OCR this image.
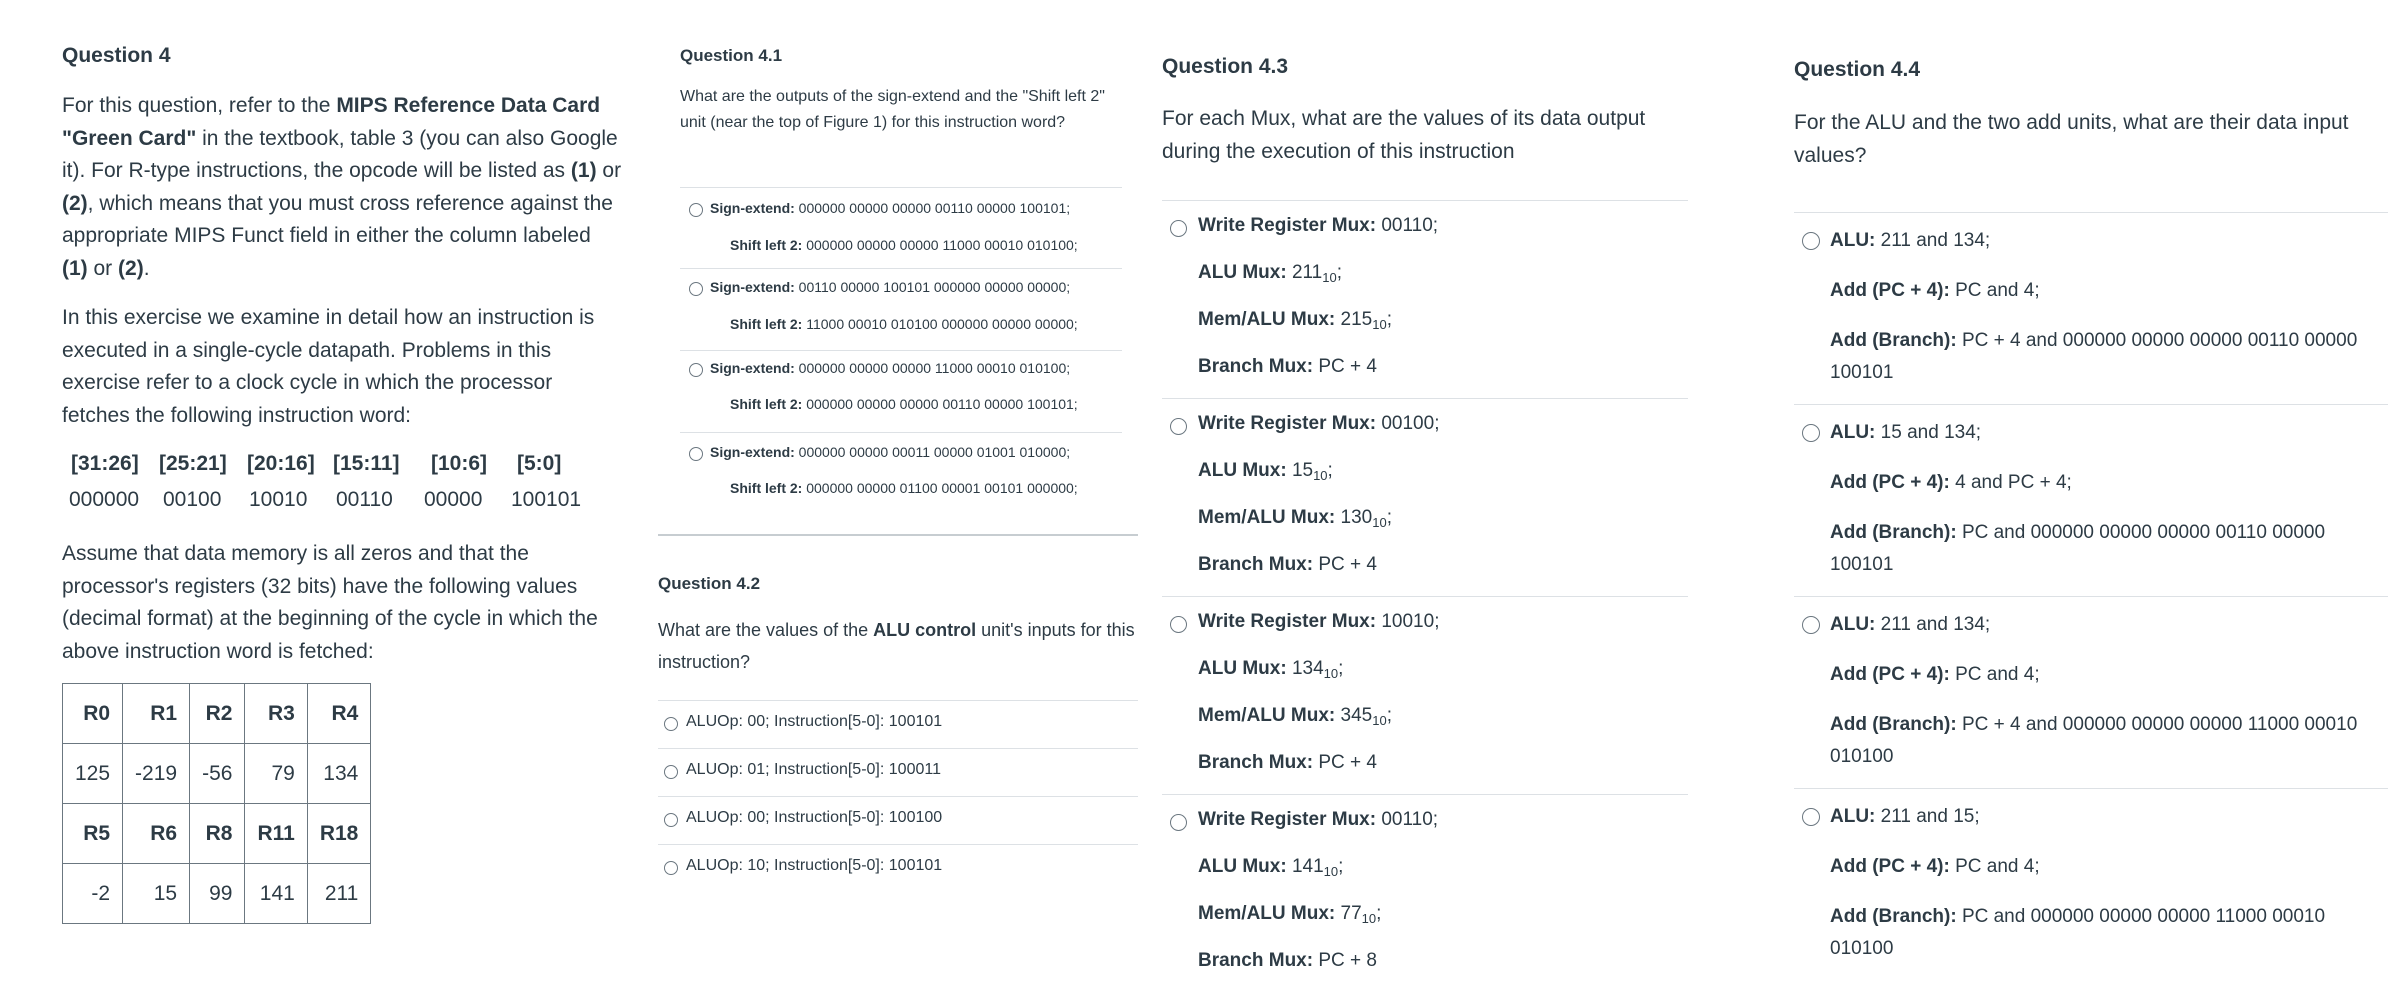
Question 4

For this question, refer to the MIPS Reference Data Card "Green Card" in the textbook, table 3 (you can also Google it). For R-type instructions, the opcode will be listed as (1) or (2), which means that you must cross reference against the appropriate MIPS Funct field in either the column labeled (1) or (2).

In this exercise we examine in detail how an instruction is executed in a single-cycle datapath. Problems in this exercise refer to a clock cycle in which the processor fetches the following instruction word:

[31:26] [25:21] [20:16] [15:11] [10:6] [5:0]
000000 00100 10010 00110 00000 100101

Assume that data memory is all zeros and that the processor's registers (32 bits) have the following values (decimal format) at the beginning of the cycle in which the above instruction word is fetched:

R0	R1	R2	R3	R4
125	-219	-56	79	134
R5	R6	R8	R11	R18
-2	15	99	141	211
Question 4.1

What are the outputs of the sign-extend and the "Shift left 2" unit (near the top of Figure 1) for this instruction word?

Sign-extend: 000000 00000 00000 00110 00000 100101;
Shift left 2: 000000 00000 00000 11000 00010 010100;
Sign-extend: 00110 00000 100101 000000 00000 00000;
Shift left 2: 11000 00010 010100 000000 00000 00000;
Sign-extend: 000000 00000 00000 11000 00010 010100;
Shift left 2: 000000 00000 00000 00110 00000 100101;
Sign-extend: 000000 00000 00011 00000 01001 010000;
Shift left 2: 000000 00000 01100 00001 00101 000000;
Question 4.2

What are the values of the ALU control unit's inputs for this instruction?

ALUOp: 00; Instruction[5-0]: 100101
ALUOp: 01; Instruction[5-0]: 100011
ALUOp: 00; Instruction[5-0]: 100100
ALUOp: 10; Instruction[5-0]: 100101
Question 4.3

For each Mux, what are the values of its data output during the execution of this instruction

Write Register Mux: 00110;
ALU Mux: $211_{10}$;
Mem/ALU Mux: $215_{10}$;
Branch Mux: PC + 4
Write Register Mux: 00100;
ALU Mux: $15_{10}$;
Mem/ALU Mux: $130_{10}$;
Branch Mux: PC + 4
Write Register Mux: 10010;
ALU Mux: $134_{10}$;
Mem/ALU Mux: $345_{10}$;
Branch Mux: PC + 4
Write Register Mux: 00110;
ALU Mux: $141_{10}$;
Mem/ALU Mux: $77_{10}$;
Branch Mux: PC + 8
Question 4.4

For the ALU and the two add units, what are their data input values?

ALU: 211 and 134;
Add (PC + 4): PC and 4;
Add (Branch): PC + 4 and 000000 00000 00000 00110 00000 100101
ALU: 15 and 134;
Add (PC + 4): 4 and PC + 4;
Add (Branch): PC and 000000 00000 00000 00110 00000 100101
ALU: 211 and 134;
Add (PC + 4): PC and 4;
Add (Branch): PC + 4 and 000000 00000 00000 11000 00010 010100
ALU: 211 and 15;
Add (PC + 4): PC and 4;
Add (Branch): PC and 000000 00000 00000 11000 00010 010100
